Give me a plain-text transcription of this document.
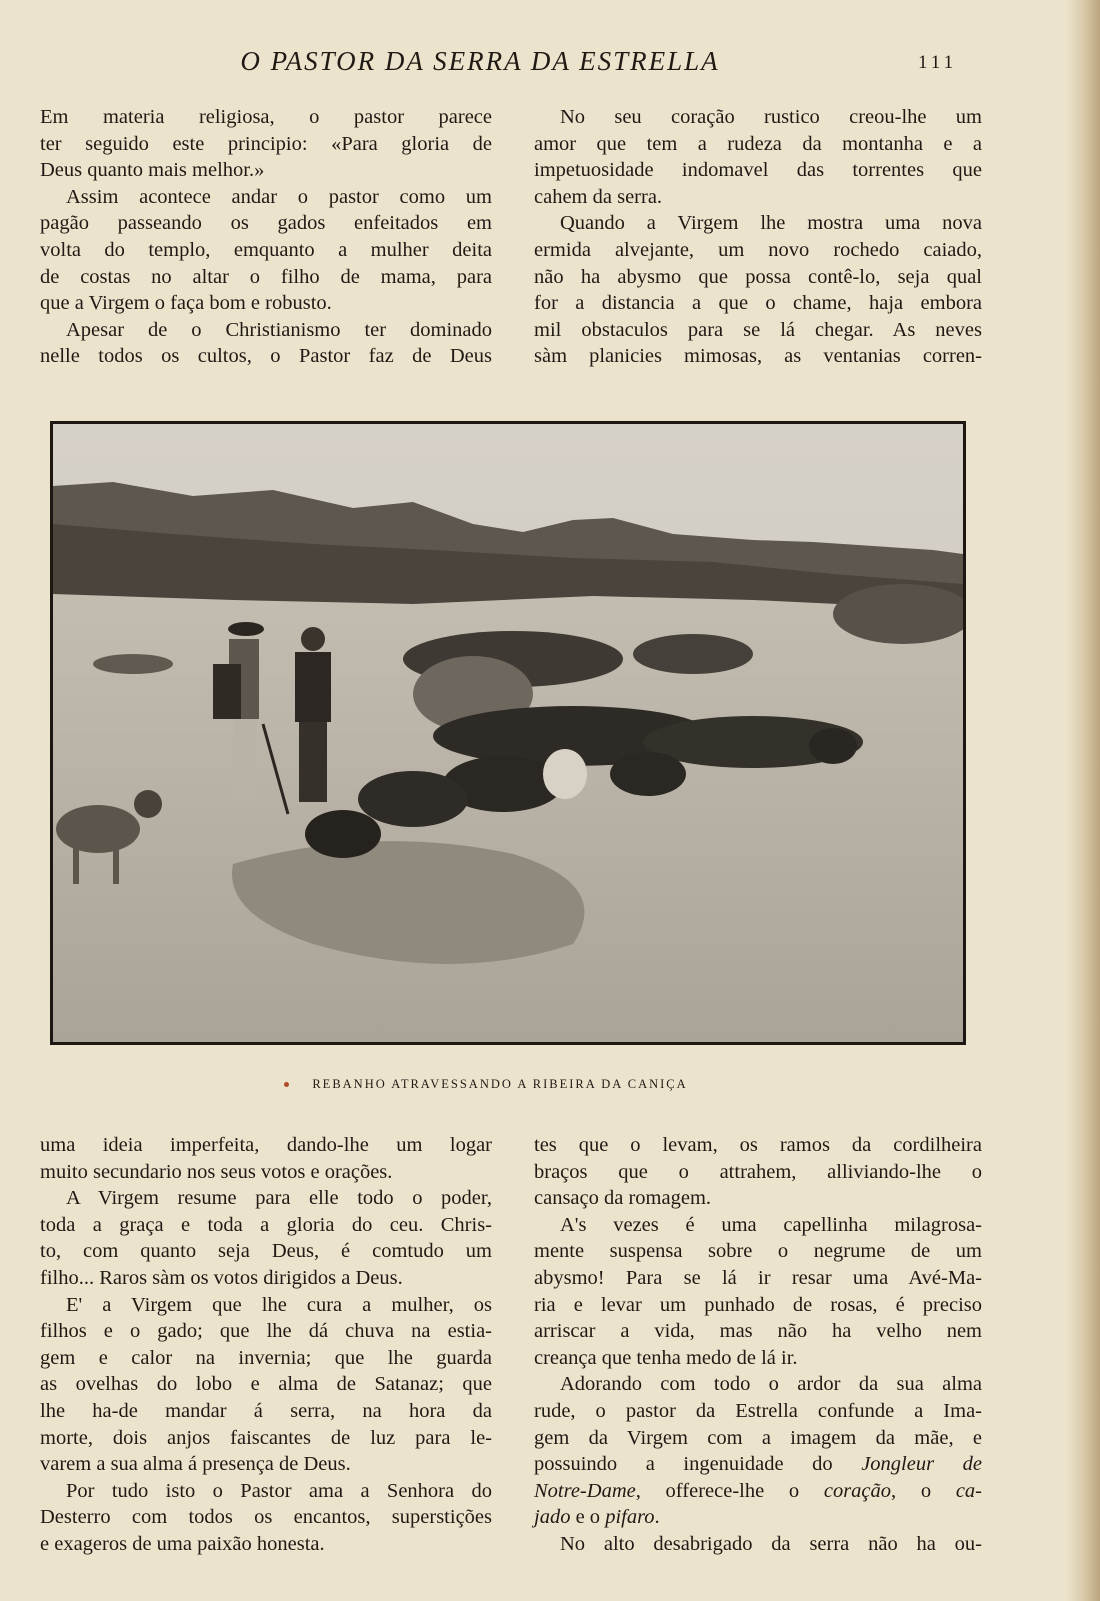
O PASTOR DA SERRA DA ESTRELLA	111
Em materia religiosa, o pastor parece
ter seguido este principio: «Para gloria de
Deus quanto mais melhor.»
Assim acontece andar o pastor como um
pagão passeando os gados enfeitados em
volta do templo, emquanto a mulher deita
de costas no altar o filho de mama, para
que a Virgem o faça bom e robusto.
Apesar de o Christianismo ter dominado
nelle todos os cultos, o Pastor faz de Deus
No seu coração rustico creou-lhe um
amor que tem a rudeza da montanha e a
impetuosidade indomavel das torrentes que
cahem da serra.
Quando a Virgem lhe mostra uma nova
ermida alvejante, um novo rochedo caiado,
não ha abysmo que possa contê-lo, seja qual
for a distancia a que o chame, haja embora
mil obstaculos para se lá chegar. As neves
sàm planicies mimosas, as ventanias corren-
REBANHO ATRAVESSANDO A RIBEIRA DA CANIÇA
uma ideia imperfeita, dando-lhe um logar
muito secundario nos seus votos e orações.
A Virgem resume para elle todo o poder,
toda a graça e toda a gloria do ceu. Chris-
to, com quanto seja Deus, é comtudo um
filho... Raros sàm os votos dirigidos a Deus.
E' a Virgem que lhe cura a mulher, os
filhos e o gado; que lhe dá chuva na estia-
gem e calor na invernia; que lhe guarda
as ovelhas do lobo e alma de Satanaz; que
lhe ha-de mandar á serra, na hora da
morte, dois anjos faiscantes de luz para le-
varem a sua alma á presença de Deus.
Por tudo isto o Pastor ama a Senhora do
Desterro com todos os encantos, superstições
e exageros de uma paixão honesta.
tes que o levam, os ramos da cordilheira
braços que o attrahem, alliviando-lhe o
cansaço da romagem.
A's vezes é uma capellinha milagrosa-
mente suspensa sobre o negrume de um
abysmo! Para se lá ir resar uma Avé-Ma-
ria e levar um punhado de rosas, é preciso
arriscar a vida, mas não ha velho nem
creança que tenha medo de lá ir.
Adorando com todo o ardor da sua alma
rude, o pastor da Estrella confunde a Ima-
gem da Virgem com a imagem da mãe, e
possuindo a ingenuidade do Jongleur de
Notre-Dame, offerece-lhe o coração, o ca-
jado e o pifaro.
No alto desabrigado da serra não ha ou-
